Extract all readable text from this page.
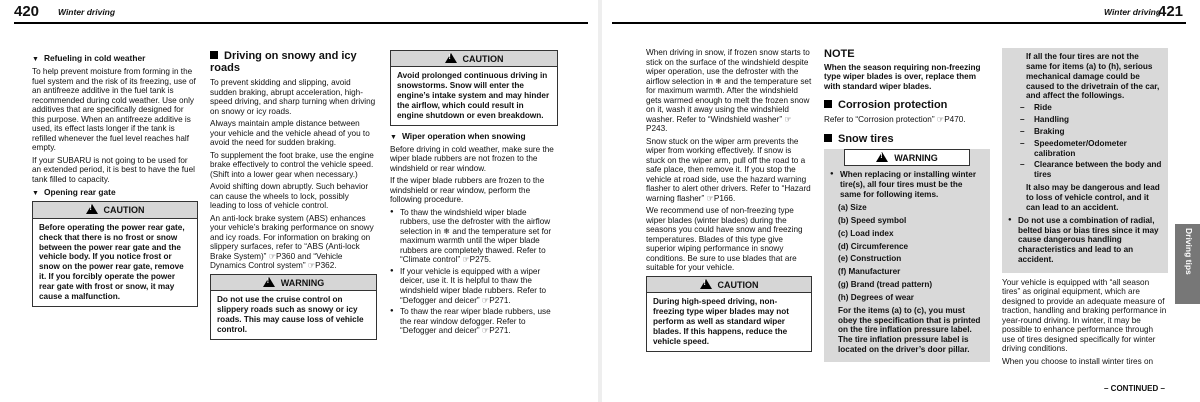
420 Winter driving	Winter driving
421
▼ Refueling in cold weather

To help prevent moisture from forming in the fuel system and the risk of its freezing, use of an antifreeze additive in the fuel tank is recommended during cold weather. Use only additives that are specifically designed for this purpose. When an antifreeze additive is used, its effect lasts longer if the tank is refilled whenever the fuel level reaches half empty.

If your SUBARU is not going to be used for an extended period, it is best to have the fuel tank filled to capacity.

▼ Opening rear gate
!CAUTION
Before operating the power rear gate, check that there is no frost or snow between the power rear gate and the vehicle body. If you notice frost or snow on the power rear gate, remove it. If you forcibly operate the power rear gate with frost or snow, it may cause a malfunction.
Driving on snowy and icy roads

To prevent skidding and slipping, avoid sudden braking, abrupt acceleration, high-speed driving, and sharp turning when driving on snowy or icy roads.

Always maintain ample distance between your vehicle and the vehicle ahead of you to avoid the need for sudden braking.

To supplement the foot brake, use the engine brake effectively to control the vehicle speed. (Shift into a lower gear when necessary.)

Avoid shifting down abruptly. Such behavior can cause the wheels to lock, possibly leading to loss of vehicle control.

An anti-lock brake system (ABS) enhances your vehicle’s braking performance on snowy and icy roads. For information on braking on slippery surfaces, refer to “ABS (Anti-lock Brake System)” ☞P360 and “Vehicle Dynamics Control system” ☞P362.

!WARNING
Do not use the cruise control on slippery roads such as snowy or icy roads. This may cause loss of vehicle control.
!CAUTION
Avoid prolonged continuous driving in snowstorms. Snow will enter the engine’s intake system and may hinder the airflow, which could result in engine shutdown or even breakdown.
▼ Wiper operation when snowing

Before driving in cold weather, make sure the wiper blade rubbers are not frozen to the windshield or rear window.

If the wiper blade rubbers are frozen to the windshield or rear window, perform the following procedure.

● To thaw the windshield wiper blade rubbers, use the defroster with the airflow selection in ❄ and the temperature set for maximum warmth until the wiper blade rubbers are completely thawed. Refer to “Climate control” ☞P275.
● If your vehicle is equipped with a wiper deicer, use it. It is helpful to thaw the windshield wiper blade rubbers. Refer to “Defogger and deicer” ☞P271.
● To thaw the rear wiper blade rubbers, use the rear window defogger. Refer to “Defogger and deicer” ☞P271.

When driving in snow, if frozen snow starts to stick on the surface of the windshield despite wiper operation, use the defroster with the airflow selection in ❄ and the temperature set for maximum warmth. After the windshield gets warmed enough to melt the frozen snow on it, wash it away using the windshield washer. Refer to “Windshield washer” ☞P243.

Snow stuck on the wiper arm prevents the wiper from working effectively. If snow is stuck on the wiper arm, pull off the road to a safe place, then remove it. If you stop the vehicle at road side, use the hazard warning flasher to alert other drivers. Refer to “Hazard warning flasher” ☞P166.

We recommend use of non-freezing type wiper blades (winter blades) during the seasons you could have snow and freezing temperatures. Blades of this type give superior wiping performance in snowy conditions. Be sure to use blades that are suitable for your vehicle.

!CAUTION
During high-speed driving, non-freezing type wiper blades may not perform as well as standard wiper blades. If this happens, reduce the vehicle speed.
NOTE

When the season requiring non-freezing type wiper blades is over, replace them with standard wiper blades.

Corrosion protection

Refer to “Corrosion protection” ☞P470.

Snow tires
!WARNING
● When replacing or installing winter tire(s), all four tires must be the same for following items.
(a) Size
(b) Speed symbol
(c) Load index
(d) Circumference
(e) Construction
(f) Manufacturer
(g) Brand (tread pattern)
(h) Degrees of wear
For the items (a) to (c), you must obey the specification that is printed on the tire inflation pressure label. The tire inflation pressure label is located on the driver’s door pillar.
If all the four tires are not the same for items (a) to (h), serious mechanical damage could be caused to the drivetrain of the car, and affect the followings.
– Ride
– Handling
– Braking
– Speedometer/Odometer calibration
– Clearance between the body and tires
It also may be dangerous and lead to loss of vehicle control, and it can lead to an accident.
● Do not use a combination of radial, belted bias or bias tires since it may cause dangerous handling characteristics and lead to an accident.

Your vehicle is equipped with “all season tires” as original equipment, which are designed to provide an adequate measure of traction, handling and braking performance in year-round driving. In winter, it may be possible to enhance performance through use of tires designed specifically for winter driving conditions.

When you choose to install winter tires on

– CONTINUED –
Driving tips
